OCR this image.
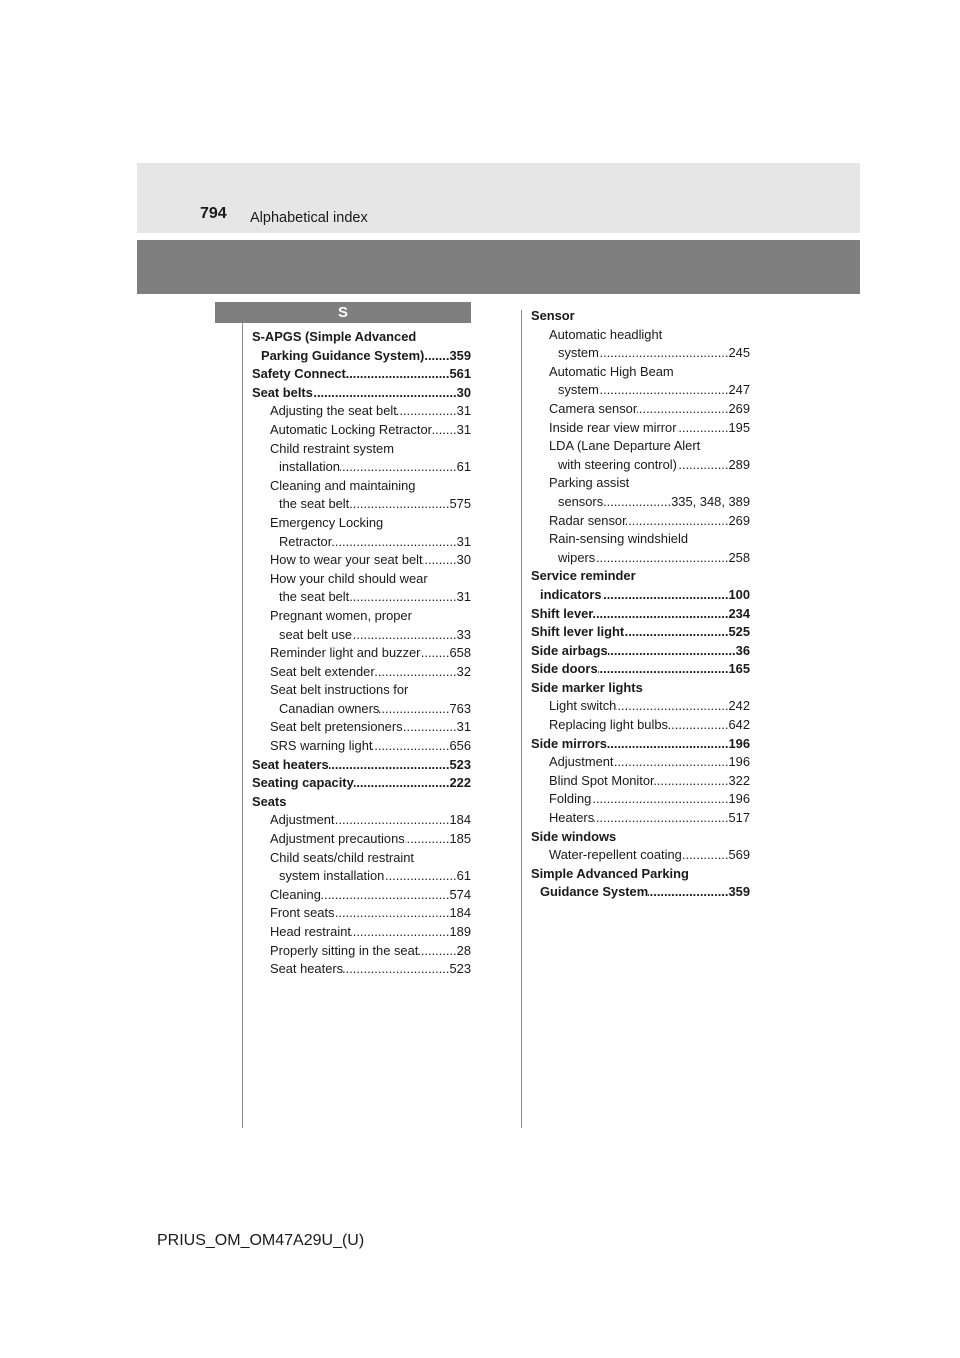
794 Alphabetical index
S
S-APGS (Simple Advanced
Parking Guidance System) ..... 359
Safety Connect .....	561
Seat belts .....	30
Adjusting the seat belt .....	31
Automatic Locking Retractor ..... 31
Child restraint system
installation .....	61
Cleaning and maintaining
the seat belt .....	575
Emergency Locking
Retractor .....	31
How to wear your seat belt .....	30
How your child should wear
the seat belt .....	31
Pregnant women, proper
seat belt use .....	33
Reminder light and buzzer ..... 658
Seat belt extender .....	32
Seat belt instructions for
Canadian owners .....	763
Seat belt pretensioners .....	31
SRS warning light .....	656
Seat heaters .....	523
Seating capacity .....	222
Seats
Adjustment .....	184
Adjustment precautions .....	185
Child seats/child restraint
system installation .....	61
Cleaning .....	574
Front seats .....	184
Head restraint .....	189
Properly sitting in the seat .....	28
Seat heaters .....	523
Sensor
Automatic headlight
system .....	245
Automatic High Beam
system .....	247
Camera sensor .....	269
Inside rear view mirror .....	195
LDA (Lane Departure Alert
with steering control) .....	289
Parking assist
sensors .....	335, 348, 389
Radar sensor .....	269
Rain-sensing windshield
wipers .....	258
Service reminder
indicators .....	100
Shift lever .....	234
Shift lever light .....	525
Side airbags .....	36
Side doors .....	165
Side marker lights
Light switch .....	242
Replacing light bulbs .....	642
Side mirrors .....	196
Adjustment .....	196
Blind Spot Monitor .....	322
Folding .....	196
Heaters .....	517
Side windows
Water-repellent coating .....	569
Simple Advanced Parking
Guidance System .....	359
PRIUS_OM_OM47A29U_(U)
